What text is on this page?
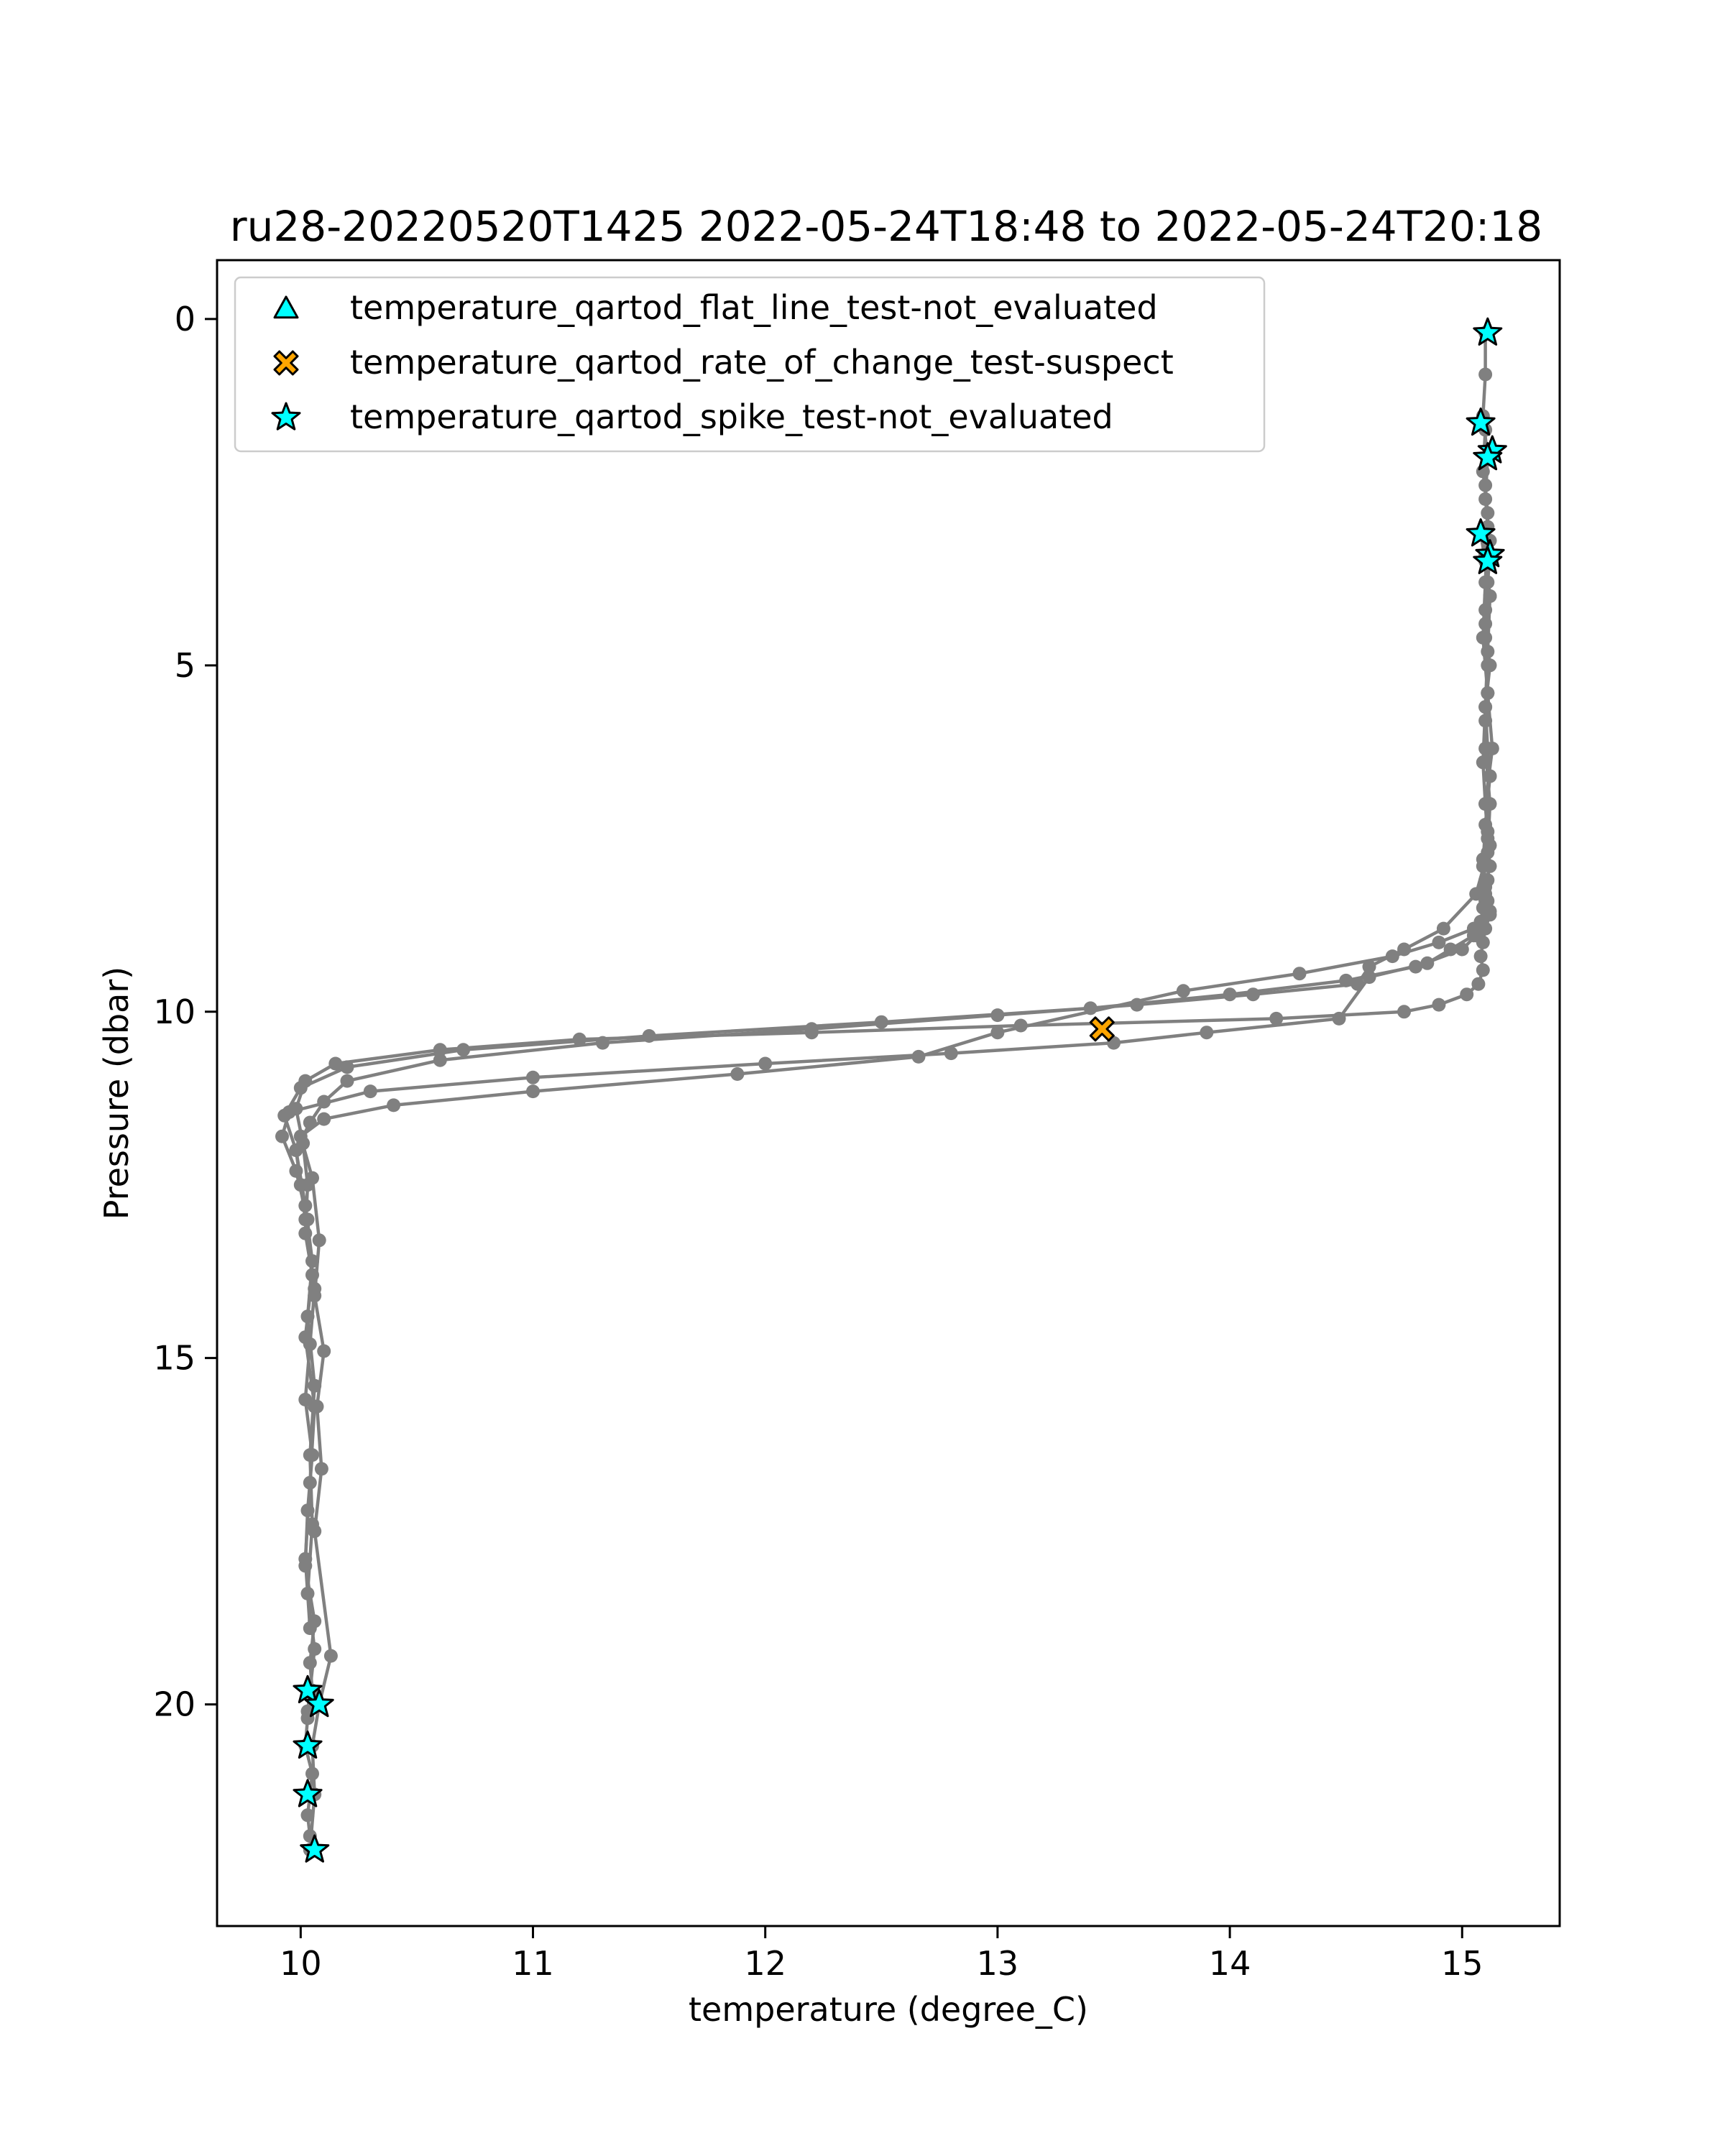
ru28-20220520T1425 2022-05-24T18:48 to 2022-05-24T20:18
10	11	12	13	14	15
0
5
10
15
20
temperature (degree_C)
Pressure (dbar)
temperature_qartod_flat_line_test-not_evaluated
temperature_qartod_rate_of_change_test-suspect
temperature_qartod_spike_test-not_evaluated
